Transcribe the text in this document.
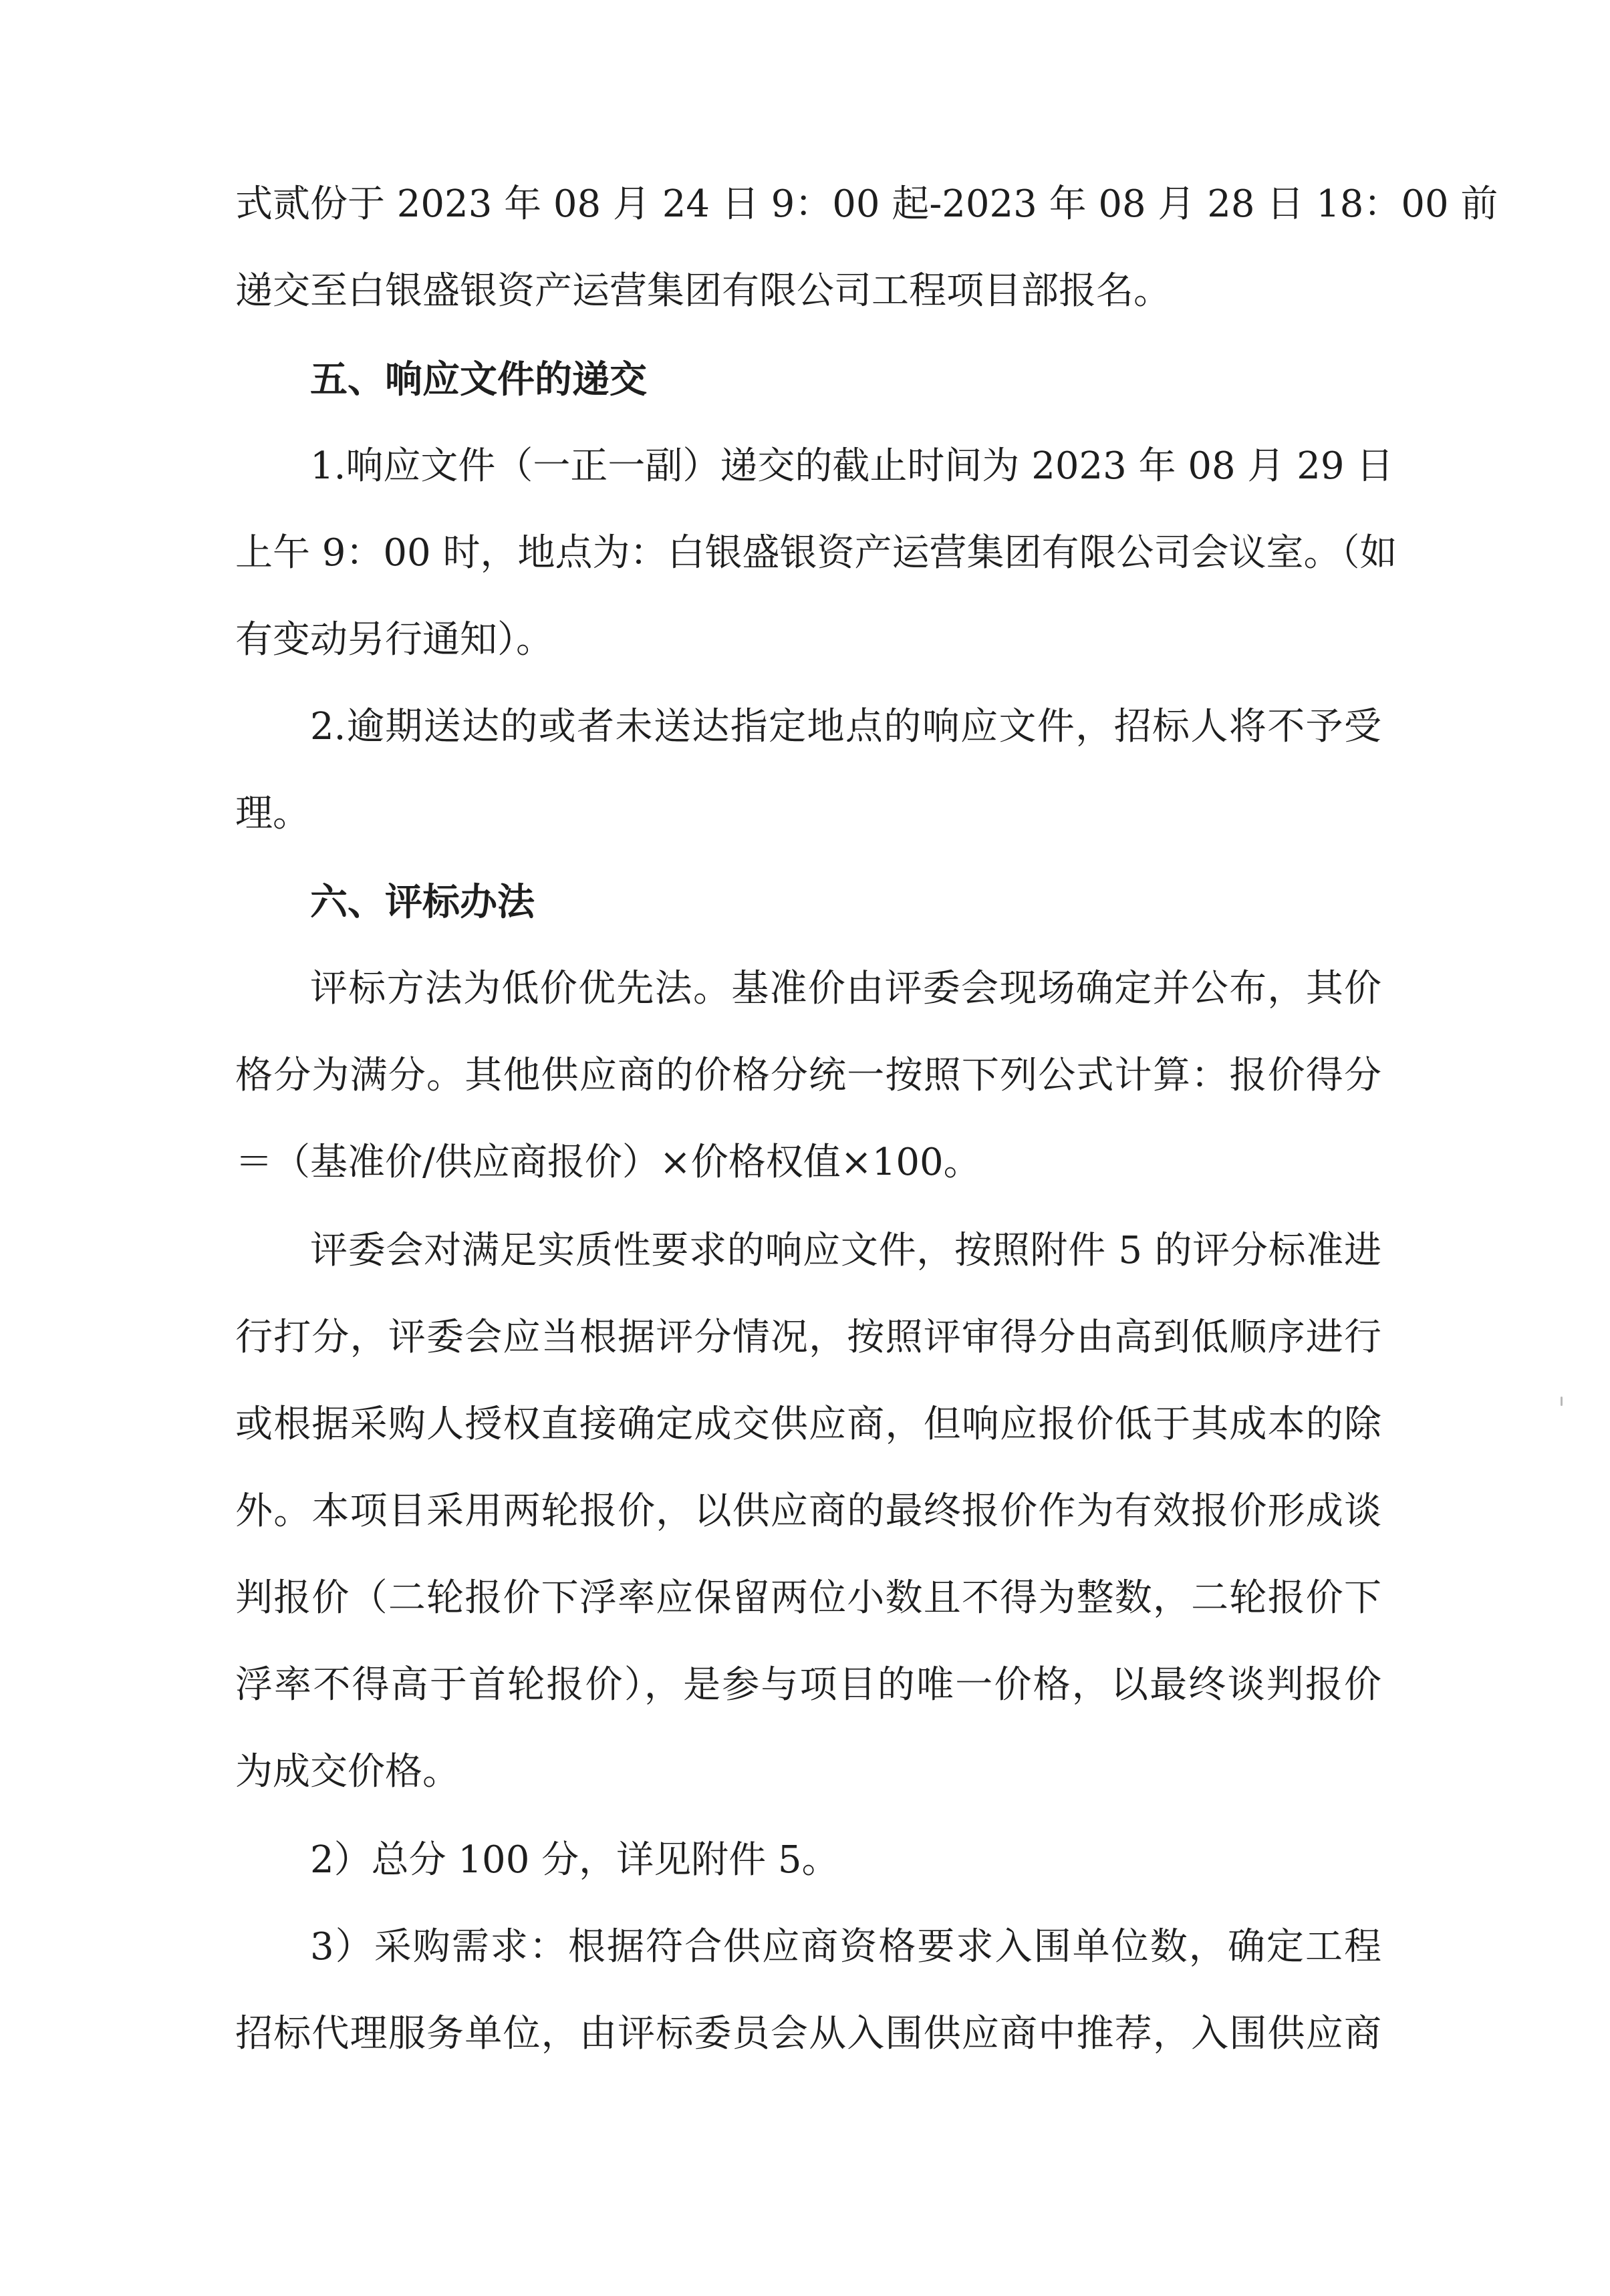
式贰份于 2023 年 08 月 24 日 9：00 起-2023 年 08 月 28 日 18：00 前
递交至白银盛银资产运营集团有限公司工程项目部报名。
五、响应文件的递交
1.响应文件（一正一副）递交的截止时间为 2023 年 08 月 29 日
上午 9：00 时，地点为：白银盛银资产运营集团有限公司会议室。（如
有变动另行通知）。
2.逾期送达的或者未送达指定地点的响应文件，招标人将不予受
理。
六、评标办法
评标方法为低价优先法。基准价由评委会现场确定并公布，其价
格分为满分。其他供应商的价格分统一按照下列公式计算：报价得分
＝（基准价/供应商报价）×价格权值×100。
评委会对满足实质性要求的响应文件，按照附件 5 的评分标准进
行打分，评委会应当根据评分情况，按照评审得分由高到低顺序进行
或根据采购人授权直接确定成交供应商，但响应报价低于其成本的除
外。本项目采用两轮报价，以供应商的最终报价作为有效报价形成谈
判报价（二轮报价下浮率应保留两位小数且不得为整数，二轮报价下
浮率不得高于首轮报价），是参与项目的唯一价格，以最终谈判报价
为成交价格。
2）总分 100 分，详见附件 5。
3）采购需求：根据符合供应商资格要求入围单位数，确定工程
招标代理服务单位，由评标委员会从入围供应商中推荐，入围供应商
